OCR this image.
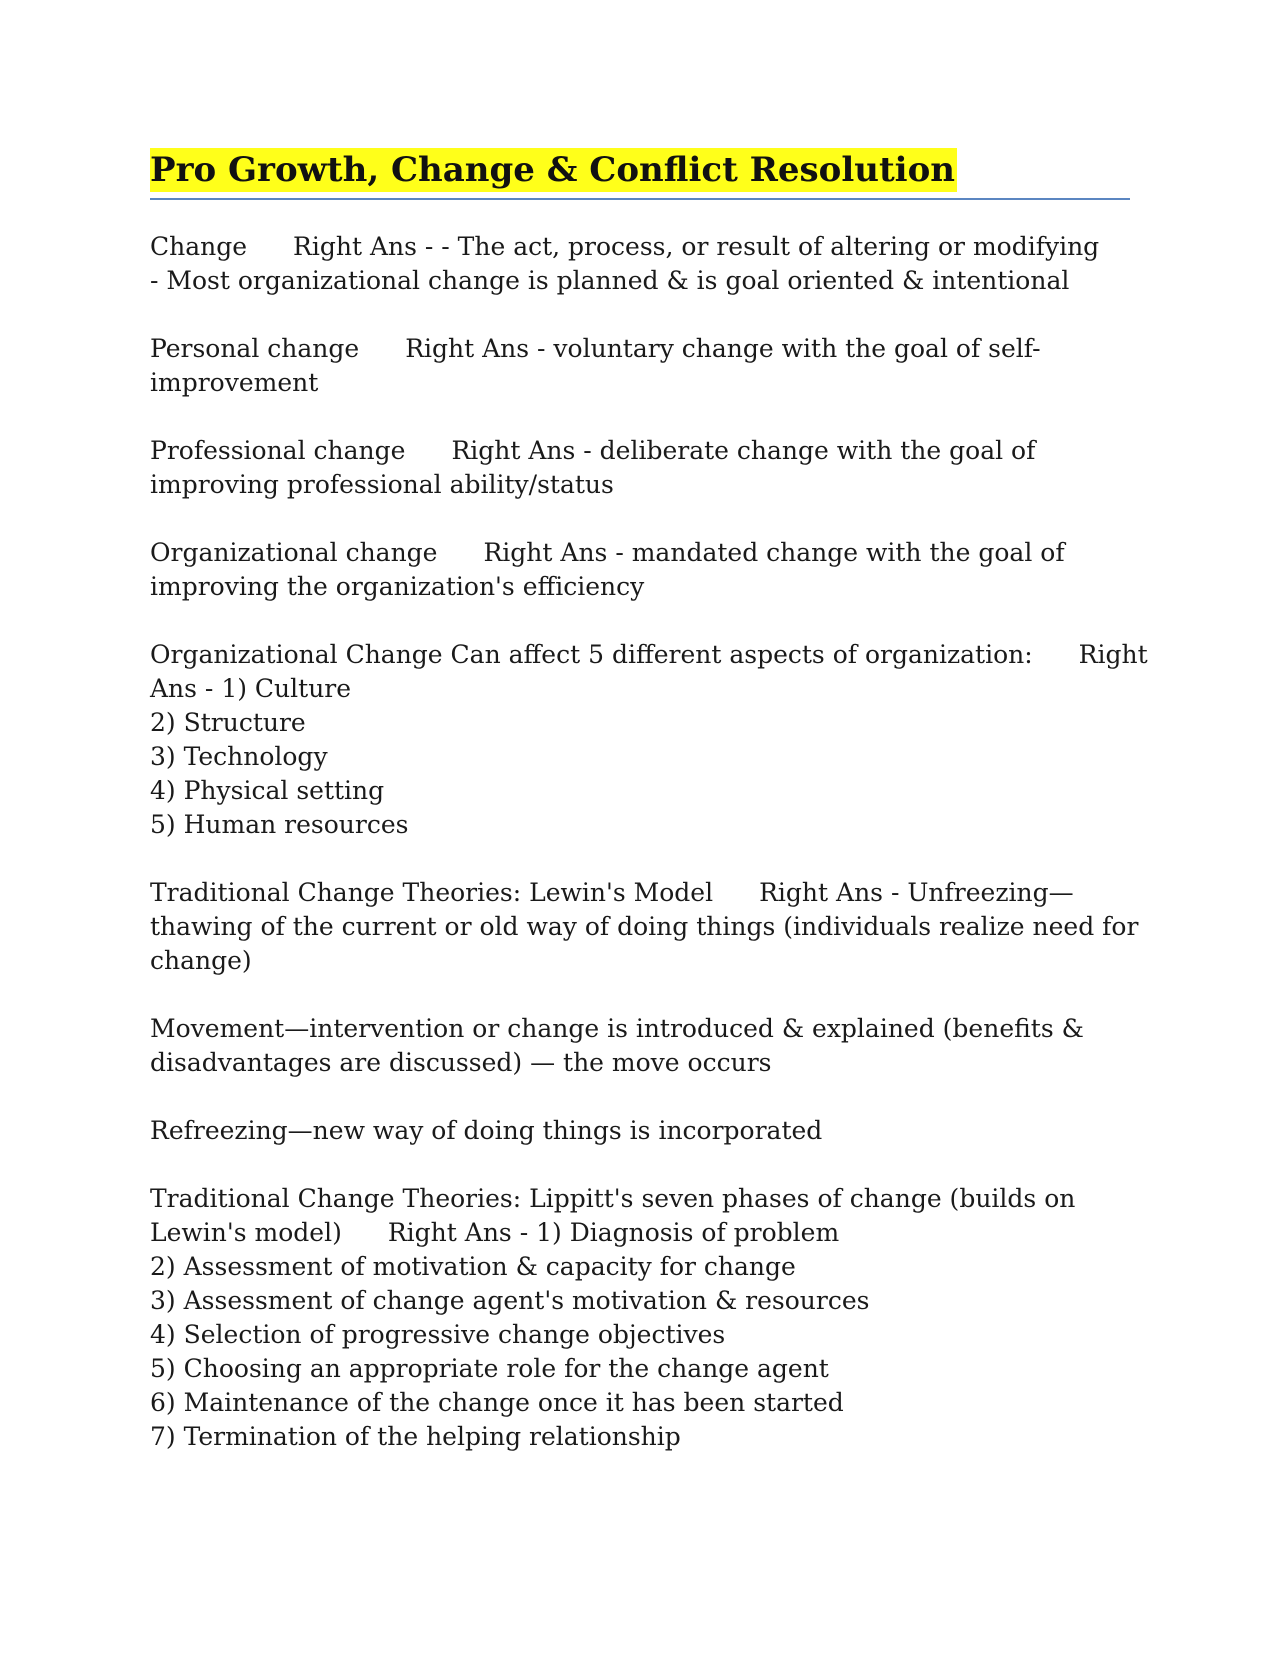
Pro Growth, Change & Conflict Resolution

Change Right Ans - - The act, process, or result of altering or modifying
- Most organizational change is planned & is goal oriented & intentional

Personal change Right Ans - voluntary change with the goal of self-
improvement

Professional change Right Ans - deliberate change with the goal of
improving professional ability/status

Organizational change Right Ans - mandated change with the goal of
improving the organization's efficiency

Organizational Change Can affect 5 different aspects of organization: Right
Ans - 1) Culture
2) Structure
3) Technology
4) Physical setting
5) Human resources

Traditional Change Theories: Lewin's Model Right Ans - Unfreezing—
thawing of the current or old way of doing things (individuals realize need for
change)

Movement—intervention or change is introduced & explained (benefits &
disadvantages are discussed) — the move occurs

Refreezing—new way of doing things is incorporated

Traditional Change Theories: Lippitt's seven phases of change (builds on
Lewin's model) Right Ans - 1) Diagnosis of problem
2) Assessment of motivation & capacity for change
3) Assessment of change agent's motivation & resources
4) Selection of progressive change objectives
5) Choosing an appropriate role for the change agent
6) Maintenance of the change once it has been started
7) Termination of the helping relationship
